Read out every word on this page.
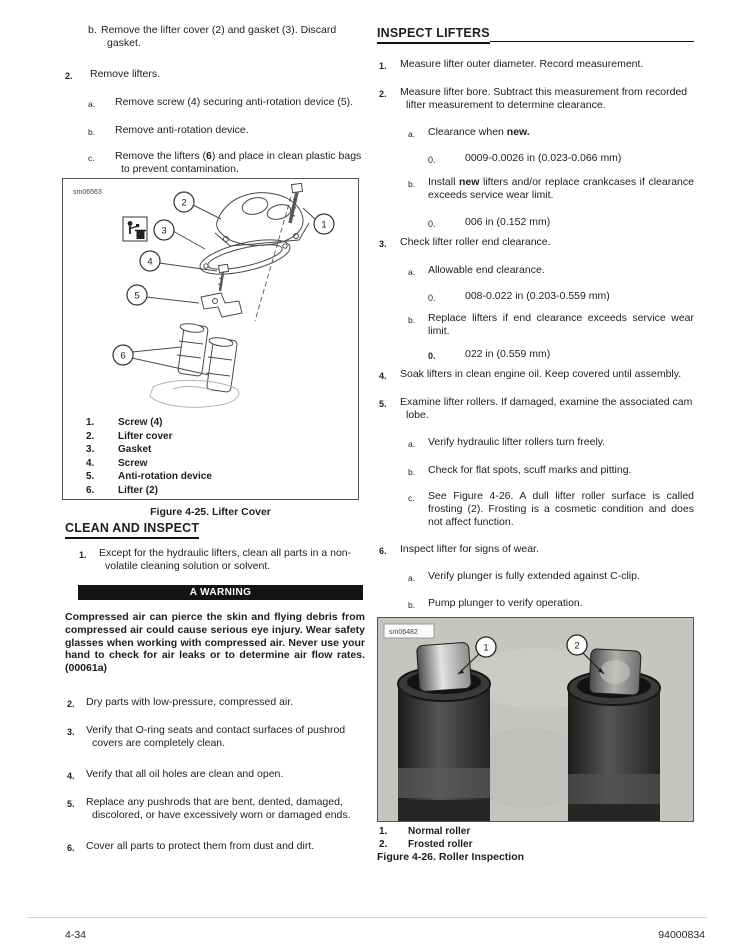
b. Remove the lifter cover (2) and gasket (3). Discard gasket.
2.	Remove lifters.
a.	Remove screw (4) securing anti-rotation device (5).
b.	Remove anti-rotation device.
c.	Remove the lifters (6) and place in clean plastic bags to prevent contamination.
sm06563
1
2
3
4
5
6
1.	Screw (4)
2.	Lifter cover
3.	Gasket
4.	Screw
5.	Anti-rotation device
6.	Lifter (2)
Figure 4-25. Lifter Cover
CLEAN AND INSPECT
1.	Except for the hydraulic lifters, clean all parts in a non-volatile cleaning solution or solvent.
A WARNING
Compressed air can pierce the skin and flying debris from compressed air could cause serious eye injury. Wear safety glasses when working with compressed air. Never use your hand to check for air leaks or to determine air flow rates. (00061a)
2.	Dry parts with low-pressure, compressed air.
3.	Verify that O-ring seats and contact surfaces of pushrod covers are completely clean.
4.	Verify that all oil holes are clean and open.
5.	Replace any pushrods that are bent, dented, damaged, discolored, or have excessively worn or damaged ends.
6.	Cover all parts to protect them from dust and dirt.
INSPECT LIFTERS
1.	Measure lifter outer diameter. Record measurement.
2.	Measure lifter bore. Subtract this measurement from recorded lifter measurement to determine clearance.
a.	Clearance when new.
0.	0009-0.0026 in (0.023-0.066 mm)
b.	Install new lifters and/or replace crankcases if clearance exceeds service wear limit.
0.	006 in (0.152 mm)
3.	Check lifter roller end clearance.
a.	Allowable end clearance.
0.	008-0.022 in (0.203-0.559 mm)
b.	Replace lifters if end clearance exceeds service wear limit.
0.	022 in (0.559 mm)
4.	Soak lifters in clean engine oil. Keep covered until assembly.
5.	Examine lifter rollers. If damaged, examine the associated cam lobe.
a.	Verify hydraulic lifter rollers turn freely.
b.	Check for flat spots, scuff marks and pitting.
c.	See Figure 4-26. A dull lifter roller surface is called frosting (2). Frosting is a cosmetic condition and does not affect function.
6.	Inspect lifter for signs of wear.
a.	Verify plunger is fully extended against C-clip.
b.	Pump plunger to verify operation.
sm06482
1	2
1.	Normal roller
2.	Frosted roller
Figure 4-26. Roller Inspection
4-34	94000834
